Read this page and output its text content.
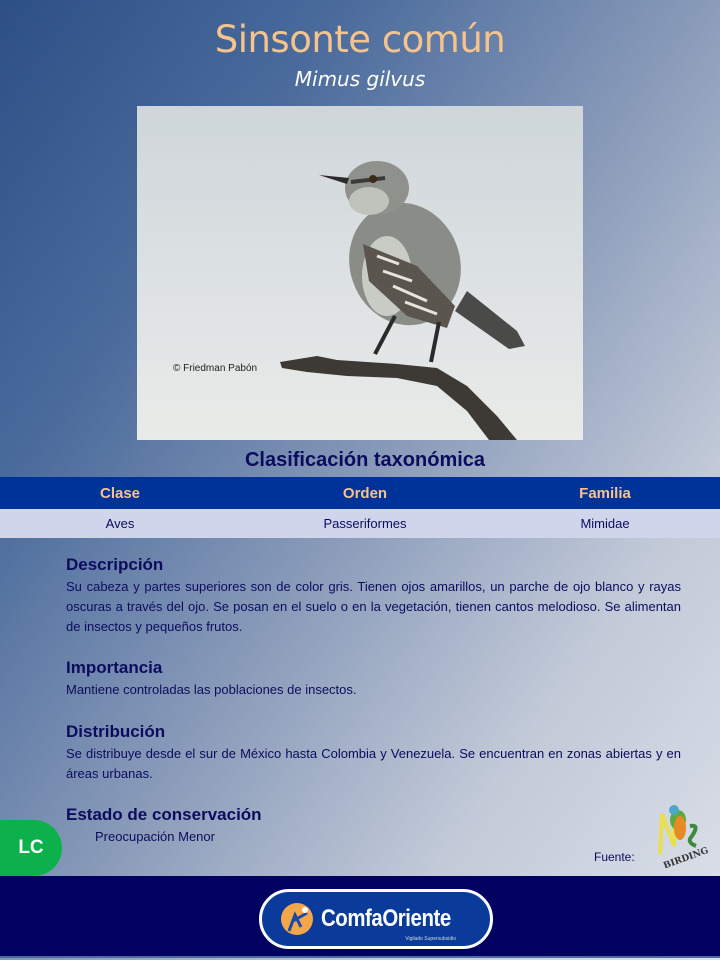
Sinsonte común
Mimus gilvus
© Friedman Pabón
Clasificación taxonómica
Clase	Orden	Familia
Aves	Passeriformes	Mimidae
Descripción

Su cabeza y partes superiores son de color gris. Tienen ojos amarillos, un parche de ojo blanco y rayas oscuras a través del ojo. Se posan en el suelo o en la vegetación, tienen cantos melodioso. Se alimentan de insectos y pequeños frutos.

Importancia

Mantiene controladas las poblaciones de insectos.

Distribución

Se distribuye desde el sur de México hasta Colombia y Venezuela. Se encuentran en zonas abiertas y en áreas urbanas.

Estado de conservación

Preocupación Menor

LC	Fuente:	BIRDING
ComfaOriente
Vigilado Supersubsidio
